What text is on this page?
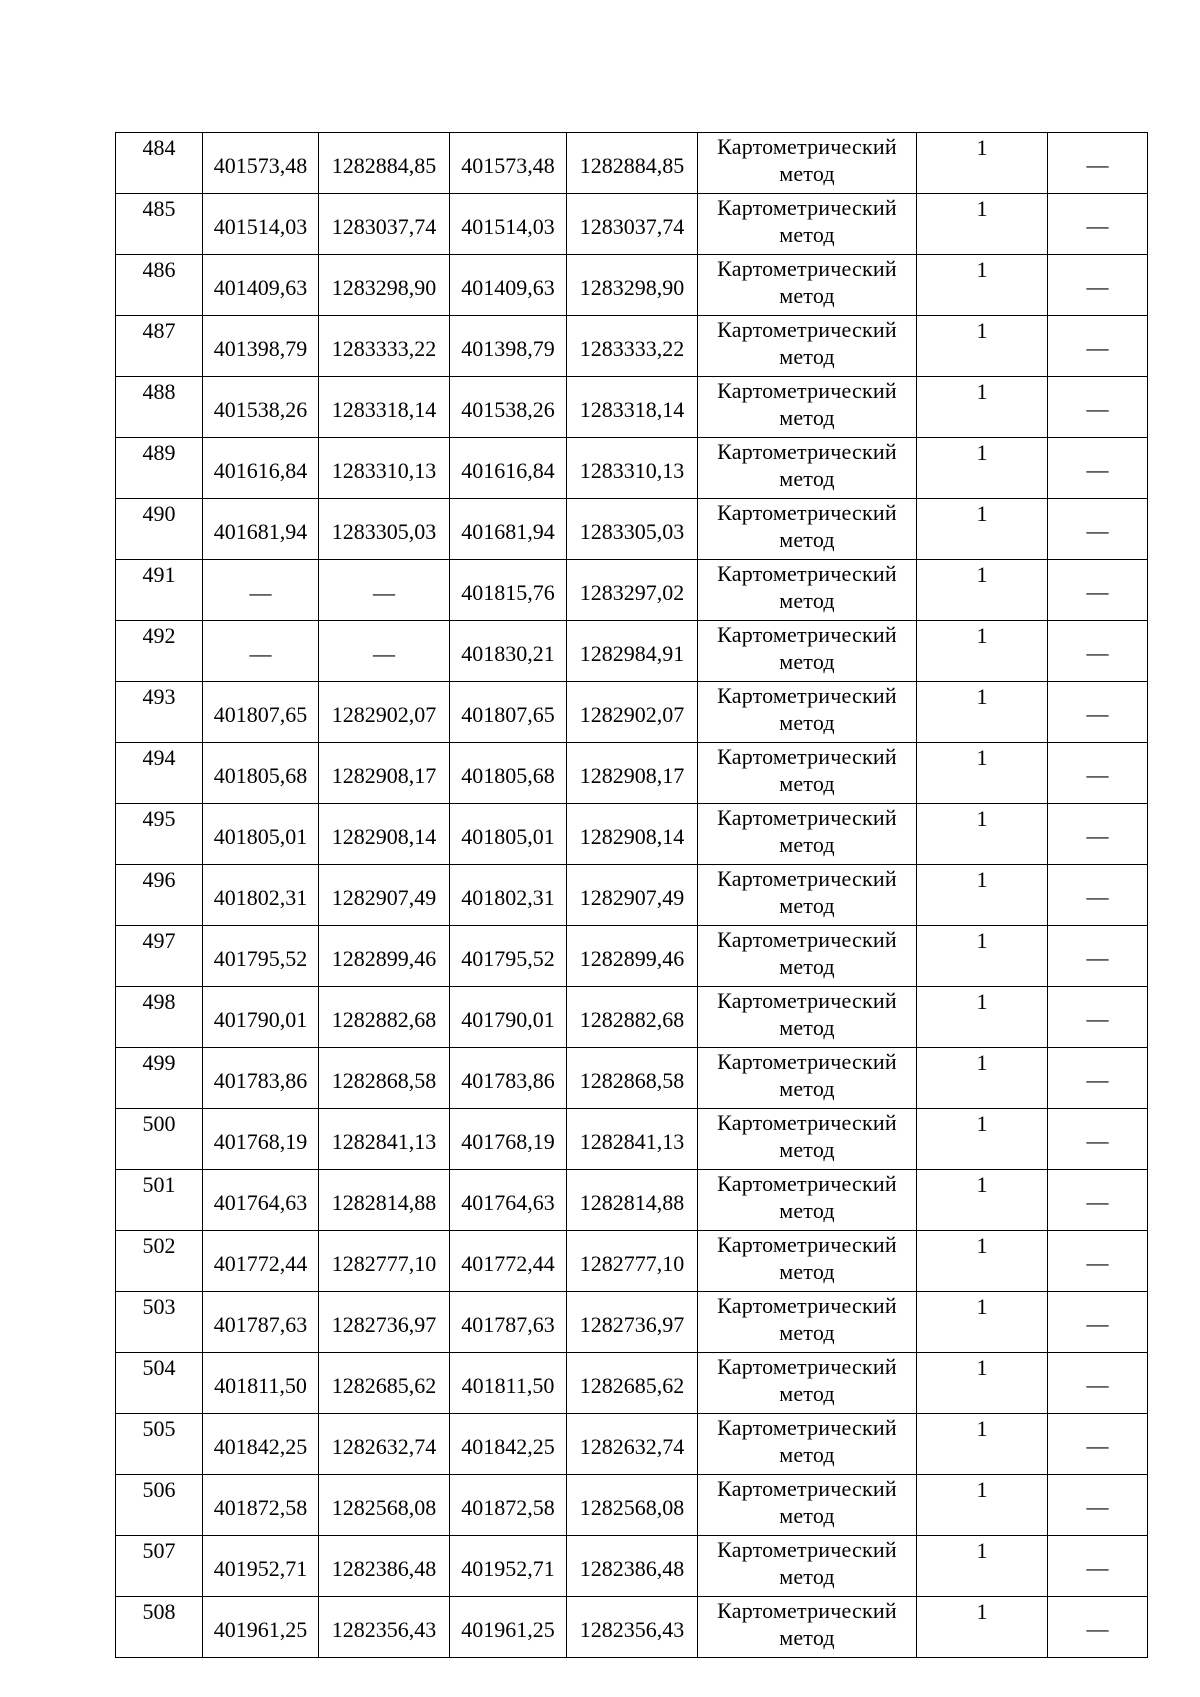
484	401573,48	1282884,85	401573,48	1282884,85	Картометрический
метод	1	—
485	401514,03	1283037,74	401514,03	1283037,74	Картометрический
метод	1	—
486	401409,63	1283298,90	401409,63	1283298,90	Картометрический
метод	1	—
487	401398,79	1283333,22	401398,79	1283333,22	Картометрический
метод	1	—
488	401538,26	1283318,14	401538,26	1283318,14	Картометрический
метод	1	—
489	401616,84	1283310,13	401616,84	1283310,13	Картометрический
метод	1	—
490	401681,94	1283305,03	401681,94	1283305,03	Картометрический
метод	1	—
491	—	—	401815,76	1283297,02	Картометрический
метод	1	—
492	—	—	401830,21	1282984,91	Картометрический
метод	1	—
493	401807,65	1282902,07	401807,65	1282902,07	Картометрический
метод	1	—
494	401805,68	1282908,17	401805,68	1282908,17	Картометрический
метод	1	—
495	401805,01	1282908,14	401805,01	1282908,14	Картометрический
метод	1	—
496	401802,31	1282907,49	401802,31	1282907,49	Картометрический
метод	1	—
497	401795,52	1282899,46	401795,52	1282899,46	Картометрический
метод	1	—
498	401790,01	1282882,68	401790,01	1282882,68	Картометрический
метод	1	—
499	401783,86	1282868,58	401783,86	1282868,58	Картометрический
метод	1	—
500	401768,19	1282841,13	401768,19	1282841,13	Картометрический
метод	1	—
501	401764,63	1282814,88	401764,63	1282814,88	Картометрический
метод	1	—
502	401772,44	1282777,10	401772,44	1282777,10	Картометрический
метод	1	—
503	401787,63	1282736,97	401787,63	1282736,97	Картометрический
метод	1	—
504	401811,50	1282685,62	401811,50	1282685,62	Картометрический
метод	1	—
505	401842,25	1282632,74	401842,25	1282632,74	Картометрический
метод	1	—
506	401872,58	1282568,08	401872,58	1282568,08	Картометрический
метод	1	—
507	401952,71	1282386,48	401952,71	1282386,48	Картометрический
метод	1	—
508	401961,25	1282356,43	401961,25	1282356,43	Картометрический
метод	1	—
